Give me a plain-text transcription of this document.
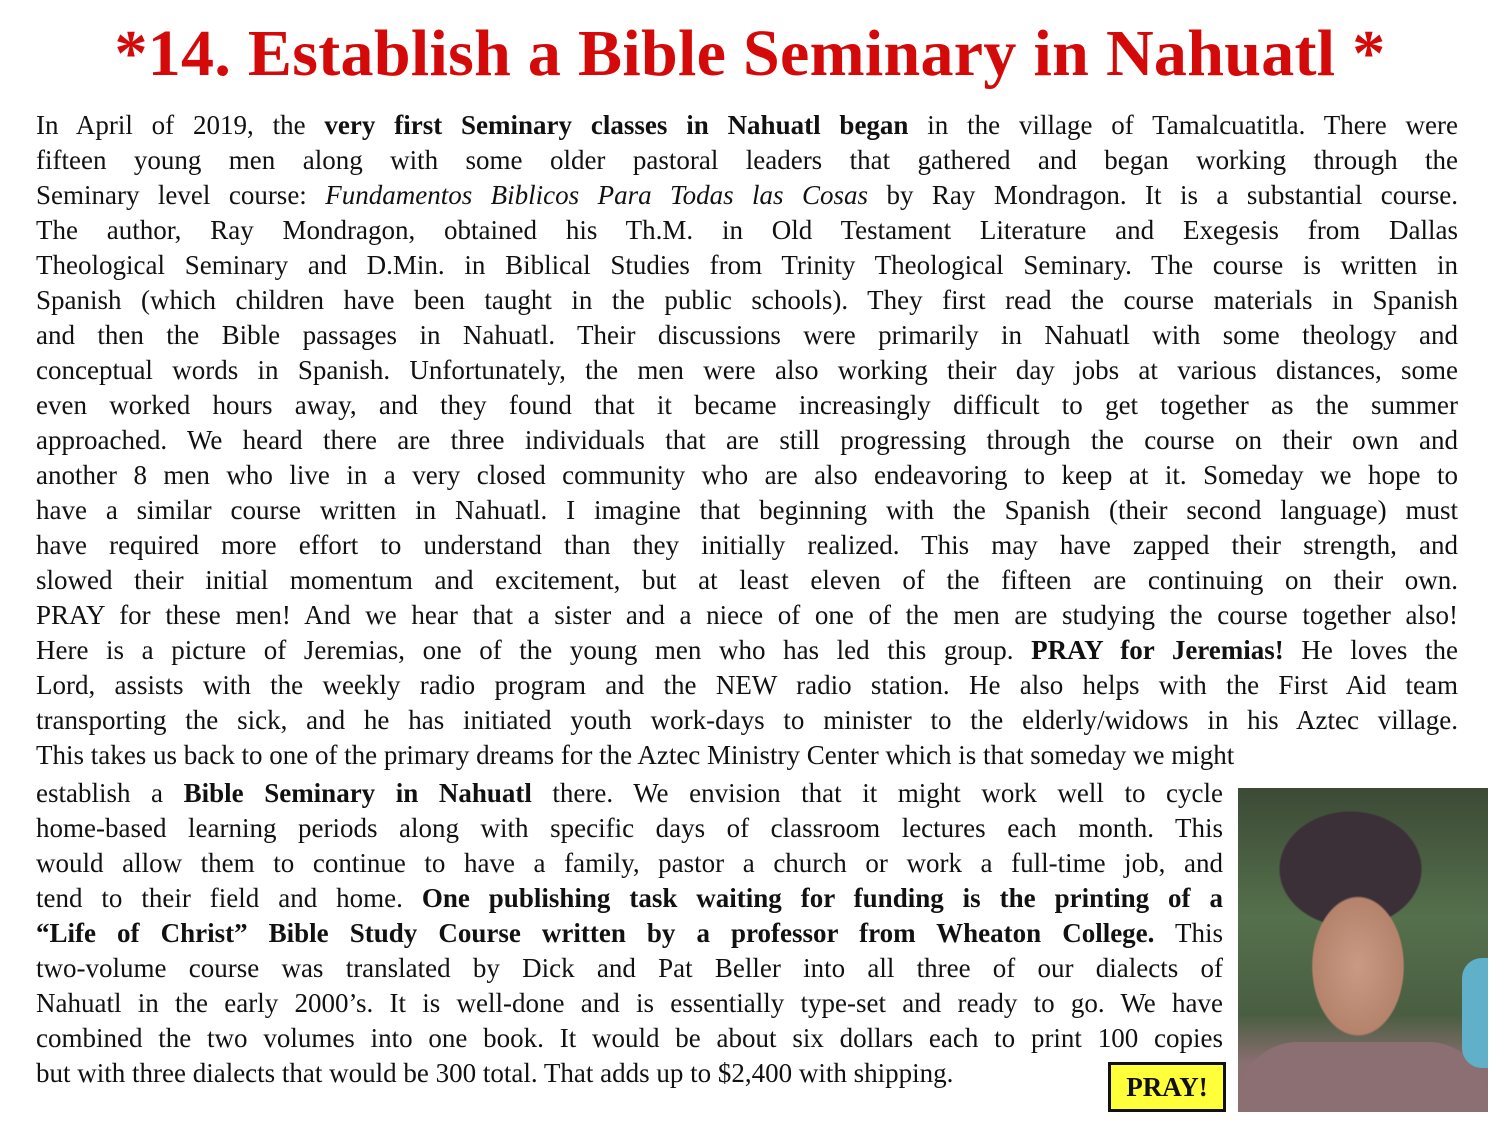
*14. Establish a Bible Seminary in Nahuatl *
In April of 2019, the very first Seminary classes in Nahuatl began in the village of Tamalcuatitla. There were
fifteen young men along with some older pastoral leaders that gathered and began working through the
Seminary level course: Fundamentos Biblicos Para Todas las Cosas by Ray Mondragon. It is a substantial course.
The author, Ray Mondragon, obtained his Th.M. in Old Testament Literature and Exegesis from Dallas
Theological Seminary and D.Min. in Biblical Studies from Trinity Theological Seminary. The course is written in
Spanish (which children have been taught in the public schools). They first read the course materials in Spanish
and then the Bible passages in Nahuatl. Their discussions were primarily in Nahuatl with some theology and
conceptual words in Spanish. Unfortunately, the men were also working their day jobs at various distances, some
even worked hours away, and they found that it became increasingly difficult to get together as the summer
approached. We heard there are three individuals that are still progressing through the course on their own and
another 8 men who live in a very closed community who are also endeavoring to keep at it. Someday we hope to
have a similar course written in Nahuatl. I imagine that beginning with the Spanish (their second language) must
have required more effort to understand than they initially realized. This may have zapped their strength, and
slowed their initial momentum and excitement, but at least eleven of the fifteen are continuing on their own.
PRAY for these men! And we hear that a sister and a niece of one of the men are studying the course together also!
Here is a picture of Jeremias, one of the young men who has led this group. PRAY for Jeremias! He loves the
Lord, assists with the weekly radio program and the NEW radio station. He also helps with the First Aid team
transporting the sick, and he has initiated youth work-days to minister to the elderly/widows in his Aztec village.
This takes us back to one of the primary dreams for the Aztec Ministry Center which is that someday we might
establish a Bible Seminary in Nahuatl there. We envision that it might work well to cycle
home-based learning periods along with specific days of classroom lectures each month. This
would allow them to continue to have a family, pastor a church or work a full-time job, and
tend to their field and home. One publishing task waiting for funding is the printing of a
“Life of Christ” Bible Study Course written by a professor from Wheaton College. This
two-volume course was translated by Dick and Pat Beller into all three of our dialects of
Nahuatl in the early 2000’s. It is well-done and is essentially type-set and ready to go. We have
combined the two volumes into one book. It would be about six dollars each to print 100 copies
but with three dialects that would be 300 total. That adds up to $2,400 with shipping.	PRAY!
